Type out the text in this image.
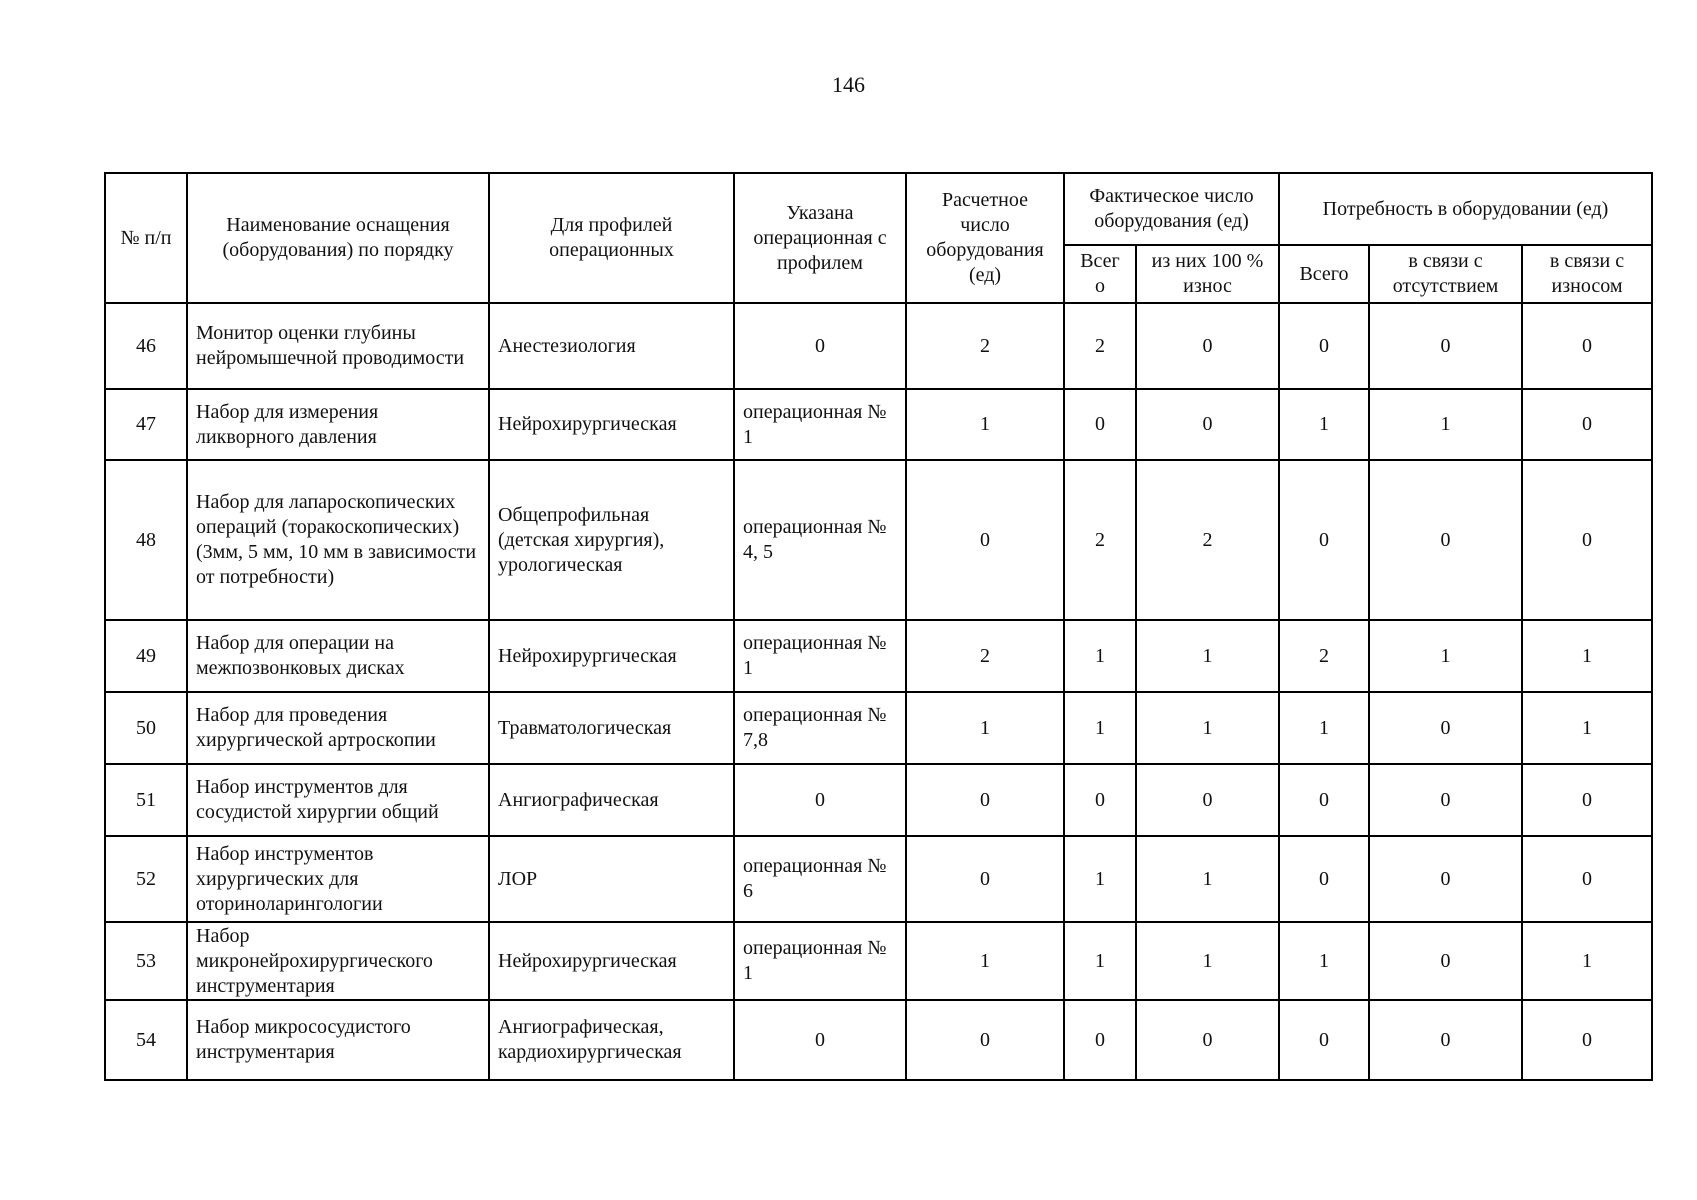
146
№ п/п	Наименование оснащения (оборудования) по порядку	Для профилей операционных	Указана операционная с профилем	Расчетное число оборудования (ед)	Фактическое число оборудования (ед)		Потребность в оборудовании (ед)		
					Всег о	из них 100 % износ	Всего	в связи с отсутствием	в связи с износом
46	Монитор оценки глубины нейромышечной проводимости	Анестезиология	0	2	2	0	0	0	0
47	Набор для измерения ликворного давления	Нейрохирургическая	операционная № 1	1	0	0	1	1	0
48	Набор для лапароскопических операций (торакоскопических) (3мм, 5 мм, 10 мм в зависимости от потребности)	Общепрофильная (детская хирургия), урологическая	операционная № 4, 5	0	2	2	0	0	0
49	Набор для операции на межпозвонковых дисках	Нейрохирургическая	операционная № 1	2	1	1	2	1	1
50	Набор для проведения хирургической артроскопии	Травматологическая	операционная № 7,8	1	1	1	1	0	1
51	Набор инструментов для сосудистой хирургии общий	Ангиографическая	0	0	0	0	0	0	0
52	Набор инструментов хирургических для оториноларингологии	ЛОР	операционная № 6	0	1	1	0	0	0
53	Набор микронейрохирургического инструментария	Нейрохирургическая	операционная № 1	1	1	1	1	0	1
54	Набор микрососудистого инструментария	Ангиографическая, кардиохирургическая	0	0	0	0	0	0	0
